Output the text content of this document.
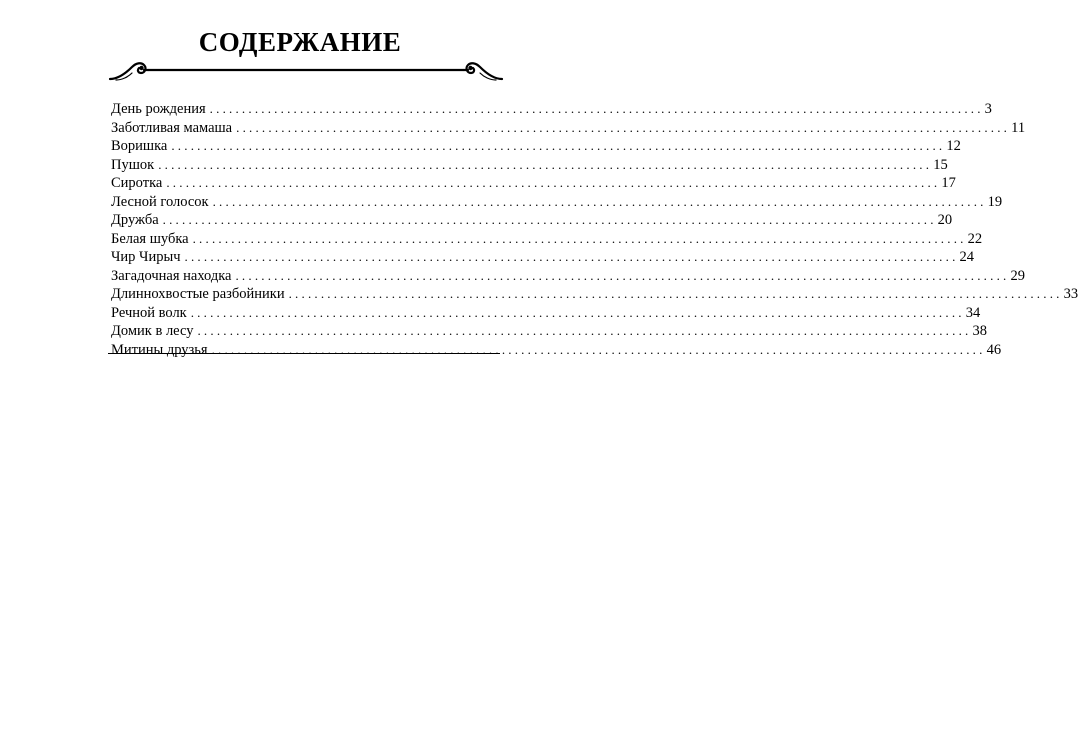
СОДЕРЖАНИЕ
День рождения ........................................................................................................................ 3
Заботливая мамаша ........................................................................................................................ 11
Воришка ........................................................................................................................ 12
Пушок ........................................................................................................................ 15
Сиротка ........................................................................................................................ 17
Лесной голосок ........................................................................................................................ 19
Дружба ........................................................................................................................ 20
Белая шубка ........................................................................................................................ 22
Чир Чирыч ........................................................................................................................ 24
Загадочная находка ........................................................................................................................ 29
Длиннохвостые разбойники ........................................................................................................................ 33
Речной волк ........................................................................................................................ 34
Домик в лесу ........................................................................................................................ 38
Митины друзья ........................................................................................................................ 46
